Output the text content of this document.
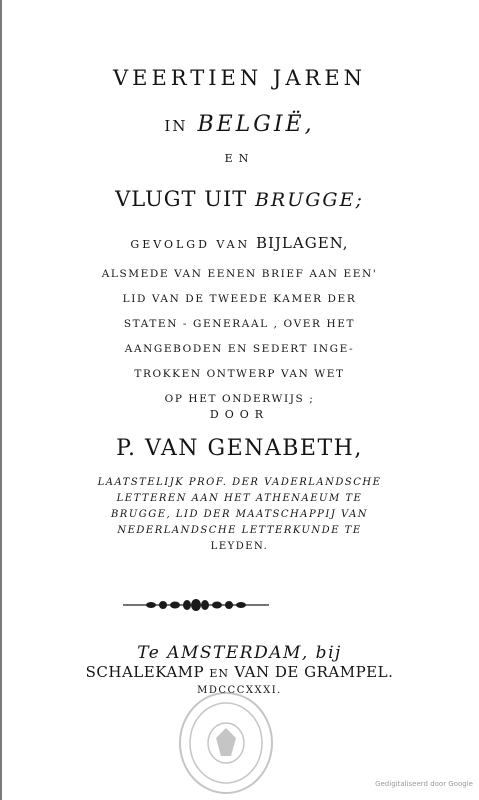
VEERTIEN JAREN
IN BELGIË,
EN
VLUGT UIT BRUGGE;
GEVOLGD VAN BIJLAGEN,
ALSMEDE VAN EENEN BRIEF AAN EEN'
LID VAN DE TWEEDE KAMER DER
STATEN - GENERAAL , OVER HET
AANGEBODEN EN SEDERT INGE-
TROKKEN ONTWERP VAN WET
OP HET ONDERWIJS ;
DOOR
P. VAN GENABETH,
LAATSTELIJK PROF. DER VADERLANDSCHE
LETTEREN AAN HET ATHENAEUM TE
BRUGGE, LID DER MAATSCHAPPIJ VAN
NEDERLANDSCHE LETTERKUNDE TE
LEYDEN.
Te AMSTERDAM, bij
SCHALEKAMP EN VAN DE GRAMPEL.
MDCCCXXXI.
Gedigitaliseerd door Google
